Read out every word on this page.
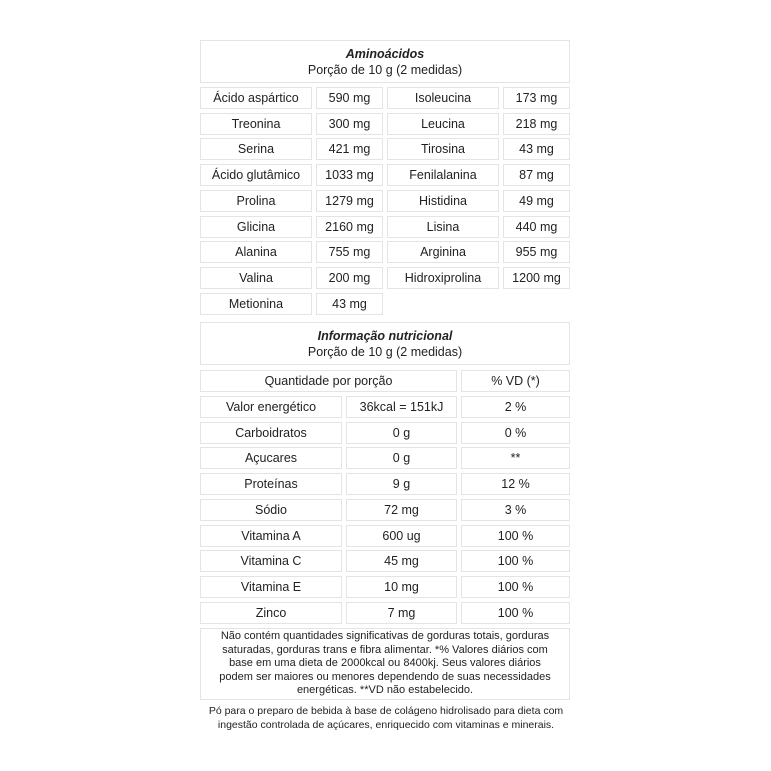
Aminoácidos
Porção de 10 g (2 medidas)
Ácido aspártico	590 mg	Isoleucina	173 mg
Treonina	300 mg	Leucina	218 mg
Serina	421 mg	Tirosina	43 mg
Ácido glutâmico	1033 mg	Fenilalanina	87 mg
Prolina	1279 mg	Histidina	49 mg
Glicina	2160 mg	Lisina	440 mg
Alanina	755 mg	Arginina	955 mg
Valina	200 mg	Hidroxiprolina	1200 mg
Metionina	43 mg
Informação nutricional
Porção de 10 g (2 medidas)
Quantidade por porção	% VD (*)
Valor energético	36kcal = 151kJ	2 %
Carboidratos	0 g	0 %
Açucares	0 g	**
Proteínas	9 g	12 %
Sódio	72 mg	3 %
Vitamina A	600 ug	100 %
Vitamina C	45 mg	100 %
Vitamina E	10 mg	100 %
Zinco	7 mg	100 %
Não contém quantidades significativas de gorduras totais, gorduras saturadas, gorduras trans e fibra alimentar. *% Valores diários com base em uma dieta de 2000kcal ou 8400kj. Seus valores diários podem ser maiores ou menores dependendo de suas necessidades energéticas. **VD não estabelecido.
Pó para o preparo de bebida à base de colágeno hidrolisado para dieta com ingestão controlada de açúcares, enriquecido com vitaminas e minerais.
